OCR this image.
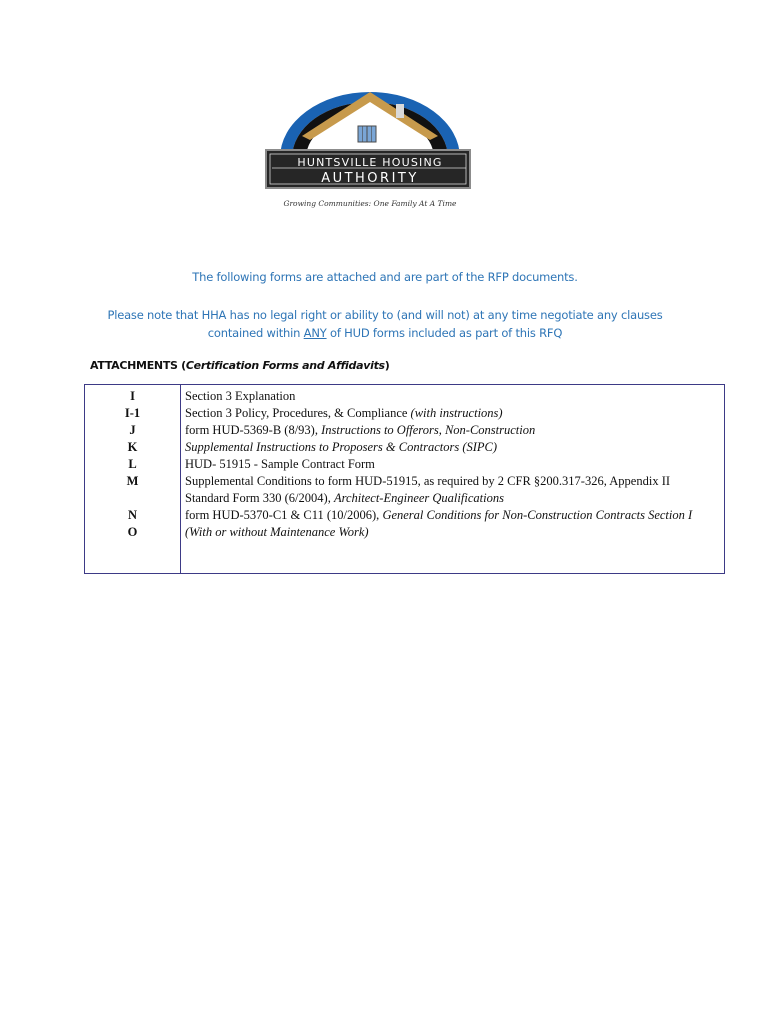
HUNTSVILLE HOUSING
AUTHORITY
Growing Communities: One Family At A Time
The following forms are attached and are part of the RFP documents.
Please note that HHA has no legal right or ability to (and will not) at any time negotiate any clauses contained within ANY of HUD forms included as part of this RFQ
ATTACHMENTS (Certification Forms and Affidavits)
I
I-1
J
K
L
M
N
O
Section 3 Explanation
Section 3 Policy, Procedures, & Compliance (with instructions)
form HUD-5369-B (8/93), Instructions to Offerors, Non-Construction
Supplemental Instructions to Proposers & Contractors (SIPC)
HUD- 51915 - Sample Contract Form
Supplemental Conditions to form HUD-51915, as required by 2 CFR §200.317-326, Appendix II
Standard Form 330 (6/2004), Architect-Engineer Qualifications
form HUD-5370-C1 & C11 (10/2006), General Conditions for Non-Construction Contracts Section I (With or without Maintenance Work)
